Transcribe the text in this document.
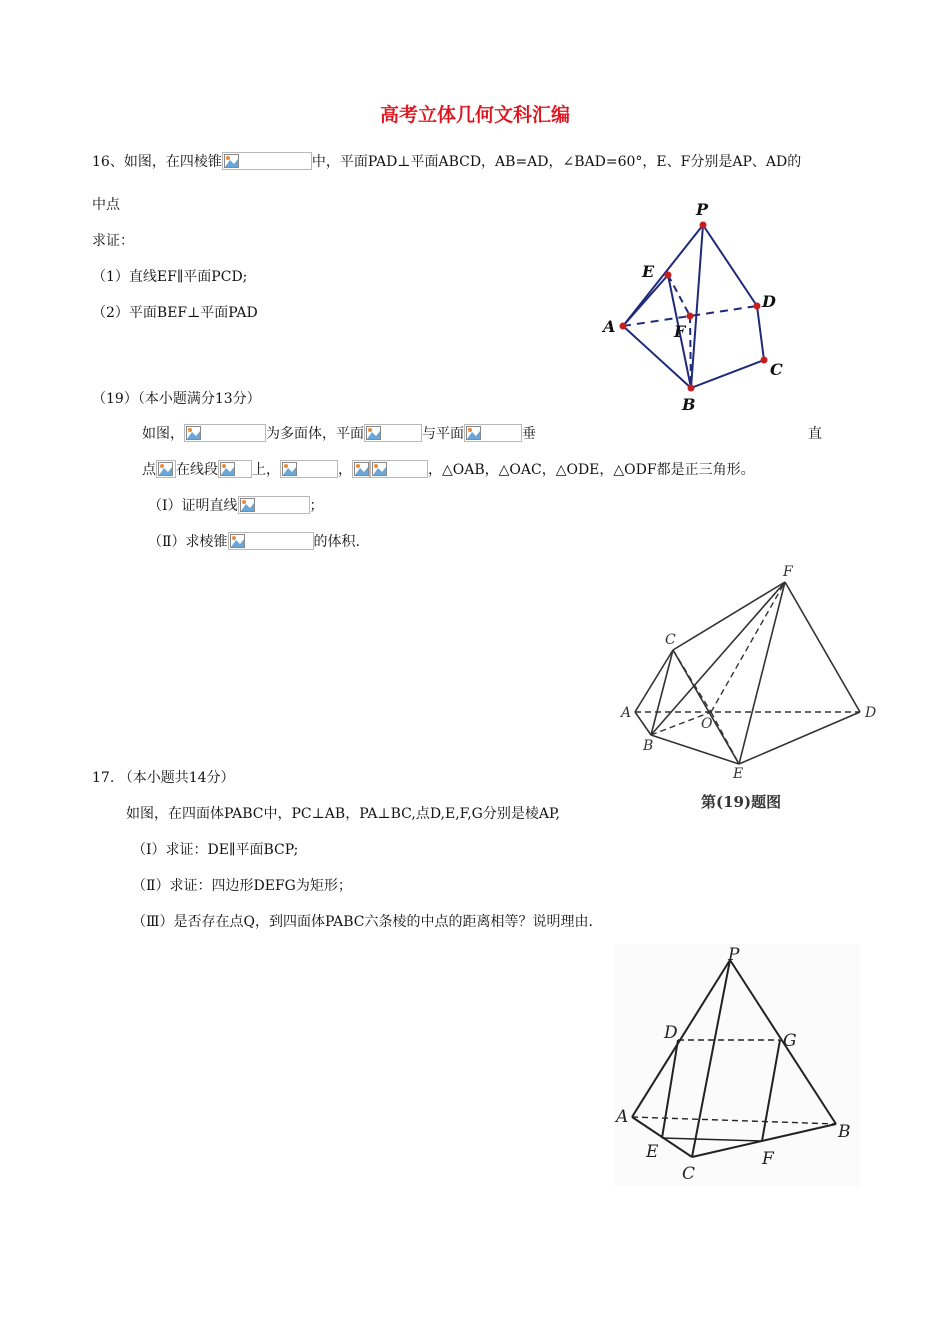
高考立体几何文科汇编
16、如图，在四棱锥	中，平面PAD⊥平面ABCD，AB=AD，∠BAD=60°，E、F分别是AP、AD的
中点
求证：
（1）直线EF∥平面PCD;
（2）平面BEF⊥平面PAD
P
E
D
A	F
C
B
（19）（本小题满分13分）
如图，	为多面体，平面	与平面	垂	直
点 在线段 上，	，	，△OAB，△OAC，△ODE，△ODF都是正三角形。
（Ⅰ）证明直线	；
（Ⅱ）求棱锥	的体积.
F
C
A
O
D
B
E
第(19)题图
17. （本小题共14分）
如图，在四面体PABC中，PC⊥AB，PA⊥BC,点D,E,F,G分别是棱AP,
（Ⅰ）求证：DE∥平面BCP;
（Ⅱ）求证：四边形DEFG为矩形；
（Ⅲ）是否存在点Q，到四面体PABC六条棱的中点的距离相等？说明理由.
P
D	G
A
B
E	F
C
